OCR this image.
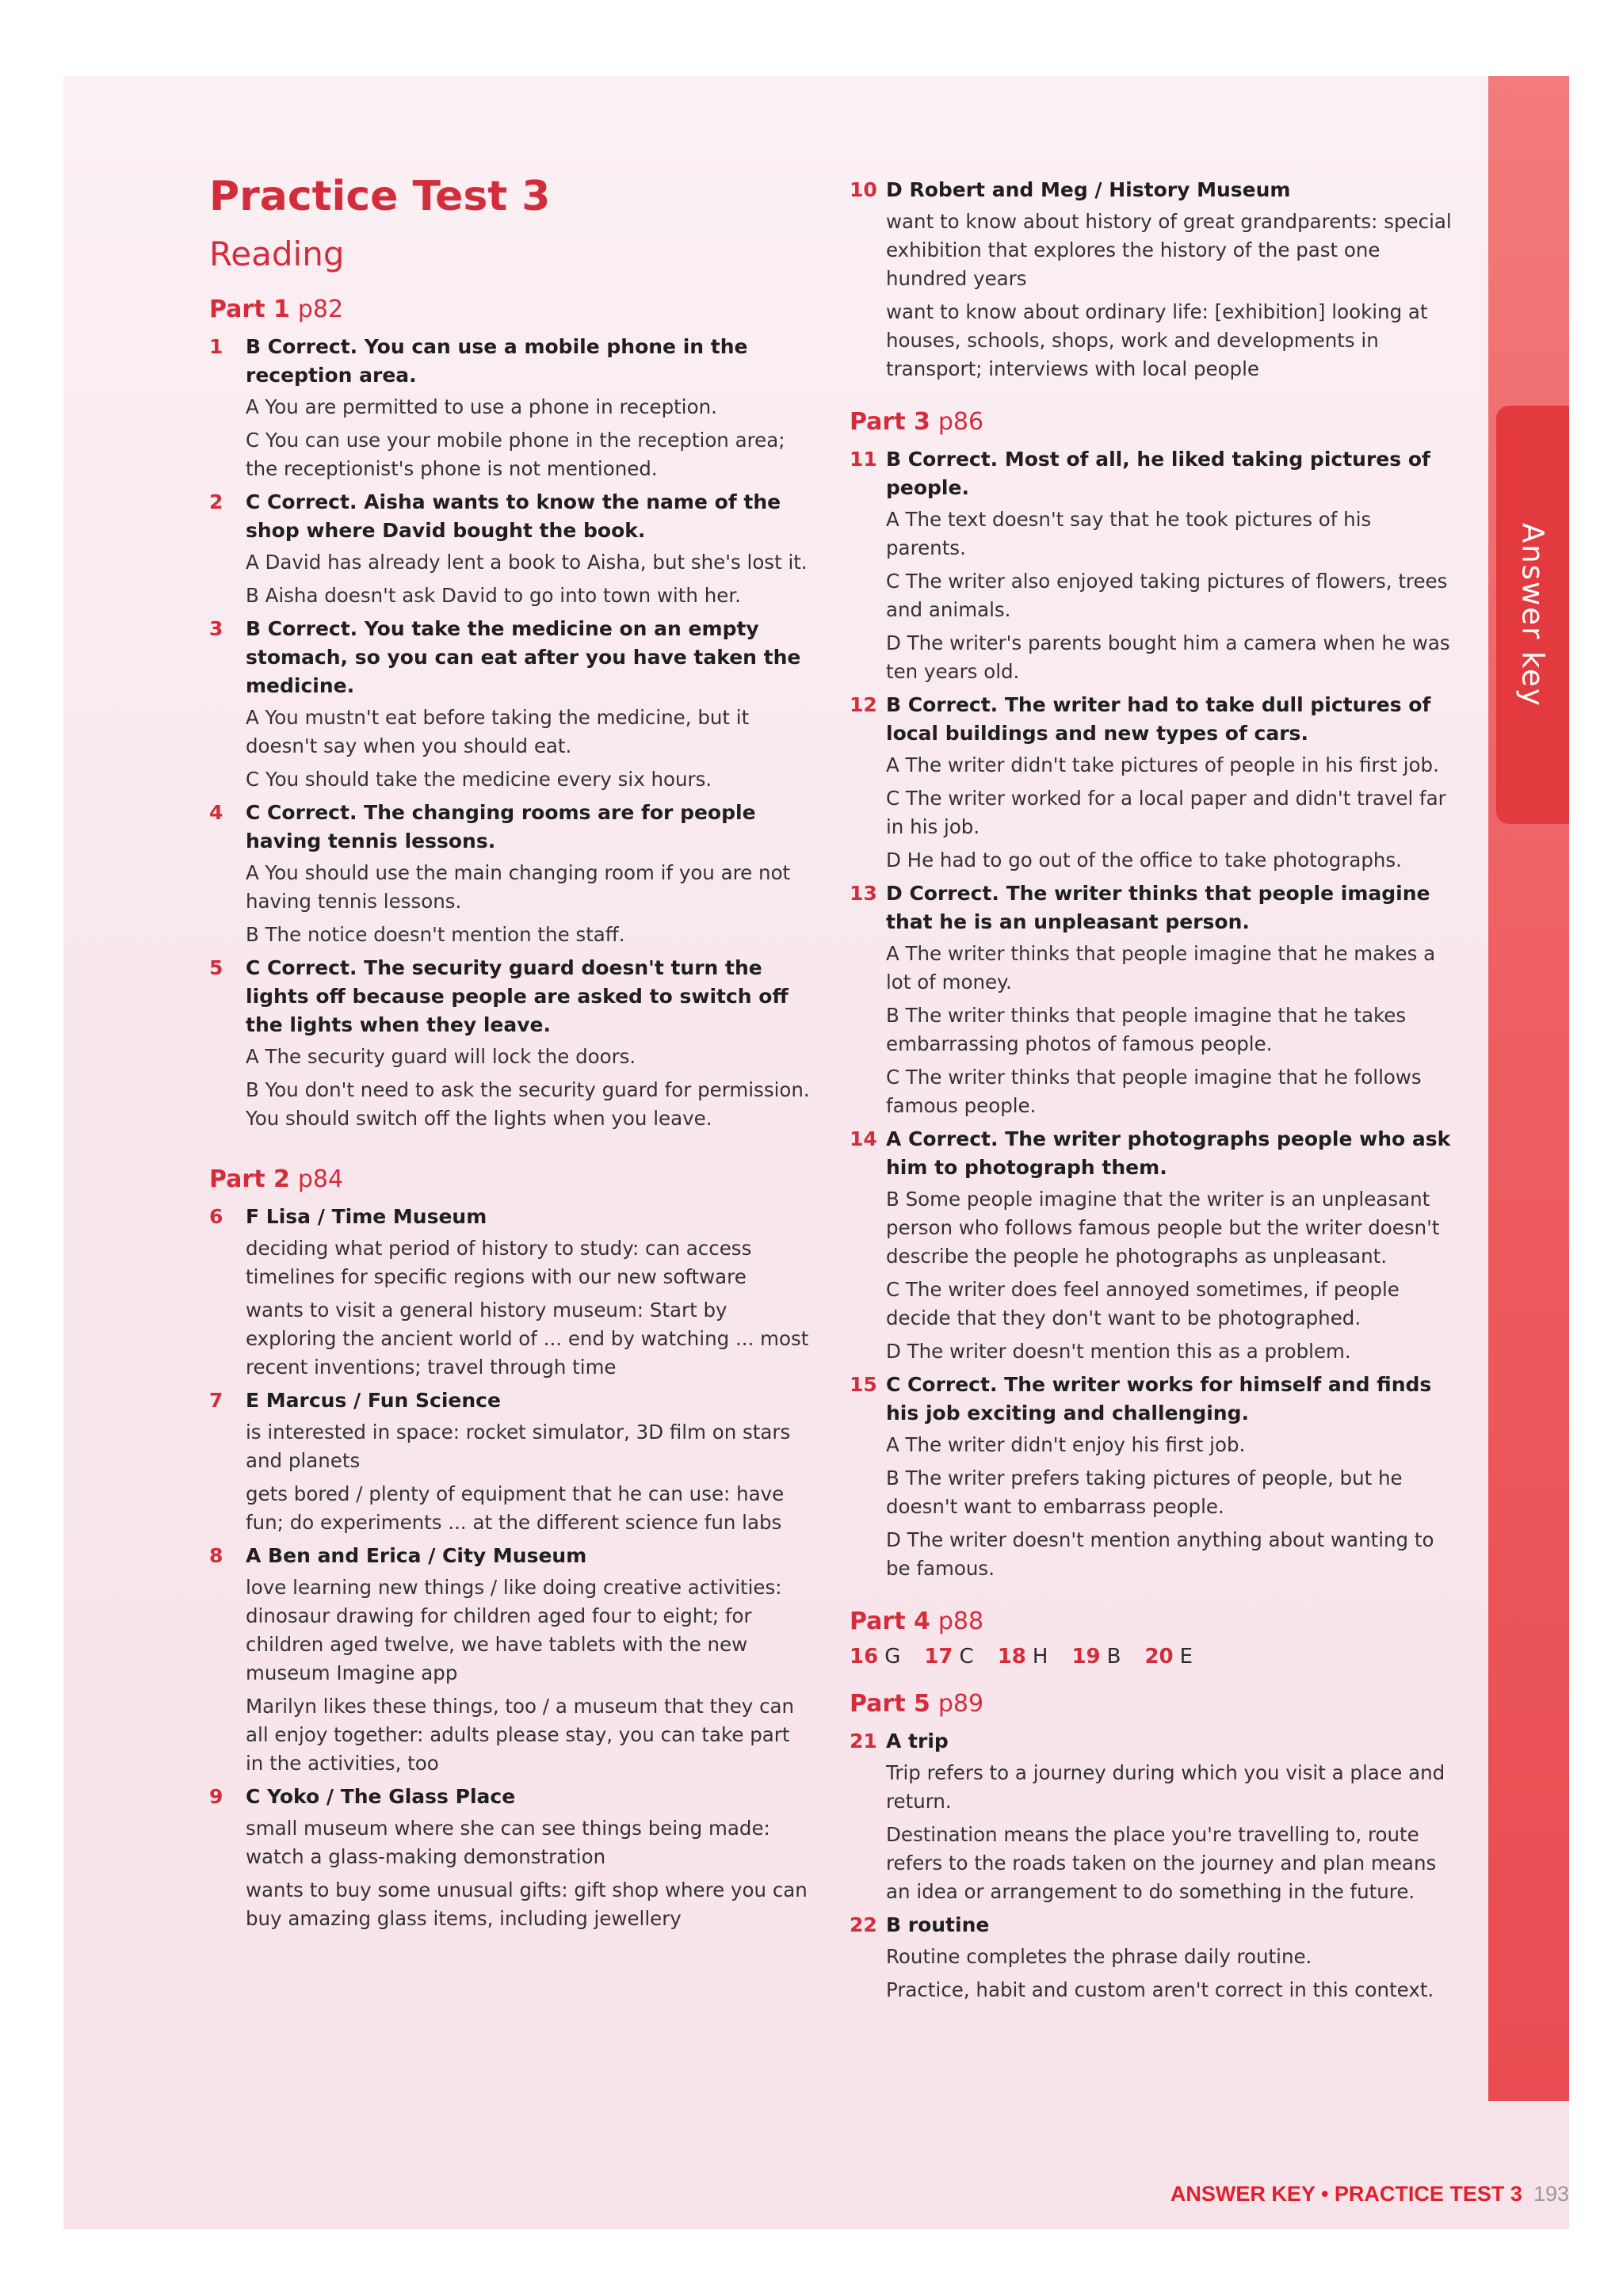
Answer key
Practice Test 3
Reading
Part 1 p82
1 B Correct. You can use a mobile phone in the reception area.
A You are permitted to use a phone in reception.
C You can use your mobile phone in the reception area; the receptionist's phone is not mentioned.
2 C Correct. Aisha wants to know the name of the shop where David bought the book.
A David has already lent a book to Aisha, but she's lost it.
B Aisha doesn't ask David to go into town with her.
3 B Correct. You take the medicine on an empty stomach, so you can eat after you have taken the medicine.
A You mustn't eat before taking the medicine, but it doesn't say when you should eat.
C You should take the medicine every six hours.
4 C Correct. The changing rooms are for people having tennis lessons.
A You should use the main changing room if you are not having tennis lessons.
B The notice doesn't mention the staff.
5 C Correct. The security guard doesn't turn the lights off because people are asked to switch off the lights when they leave.
A The security guard will lock the doors.
B You don't need to ask the security guard for permission. You should switch off the lights when you leave.
Part 2 p84
6 F Lisa / Time Museum
deciding what period of history to study: can access timelines for specific regions with our new software
wants to visit a general history museum: Start by exploring the ancient world of ... end by watching ... most recent inventions; travel through time
7 E Marcus / Fun Science
is interested in space: rocket simulator, 3D film on stars and planets
gets bored / plenty of equipment that he can use: have fun; do experiments ... at the different science fun labs
8 A Ben and Erica / City Museum
love learning new things / like doing creative activities: dinosaur drawing for children aged four to eight; for children aged twelve, we have tablets with the new museum Imagine app
Marilyn likes these things, too / a museum that they can all enjoy together: adults please stay, you can take part in the activities, too
9 C Yoko / The Glass Place
small museum where she can see things being made: watch a glass-making demonstration
wants to buy some unusual gifts: gift shop where you can buy amazing glass items, including jewellery
10 D Robert and Meg / History Museum
want to know about history of great grandparents: special exhibition that explores the history of the past one hundred years
want to know about ordinary life: [exhibition] looking at houses, schools, shops, work and developments in transport; interviews with local people
Part 3 p86
11 B Correct. Most of all, he liked taking pictures of people.
A The text doesn't say that he took pictures of his parents.
C The writer also enjoyed taking pictures of flowers, trees and animals.
D The writer's parents bought him a camera when he was ten years old.
12 B Correct. The writer had to take dull pictures of local buildings and new types of cars.
A The writer didn't take pictures of people in his first job.
C The writer worked for a local paper and didn't travel far in his job.
D He had to go out of the office to take photographs.
13 D Correct. The writer thinks that people imagine that he is an unpleasant person.
A The writer thinks that people imagine that he makes a lot of money.
B The writer thinks that people imagine that he takes embarrassing photos of famous people.
C The writer thinks that people imagine that he follows famous people.
14 A Correct. The writer photographs people who ask him to photograph them.
B Some people imagine that the writer is an unpleasant person who follows famous people but the writer doesn't describe the people he photographs as unpleasant.
C The writer does feel annoyed sometimes, if people decide that they don't want to be photographed.
D The writer doesn't mention this as a problem.
15 C Correct. The writer works for himself and finds his job exciting and challenging.
A The writer didn't enjoy his first job.
B The writer prefers taking pictures of people, but he doesn't want to embarrass people.
D The writer doesn't mention anything about wanting to be famous.
Part 4 p88
16 G 17 C 18 H 19 B 20 E
Part 5 p89
21 A trip
Trip refers to a journey during which you visit a place and return.
Destination means the place you're travelling to, route refers to the roads taken on the journey and plan means an idea or arrangement to do something in the future.
22 B routine
Routine completes the phrase daily routine.
Practice, habit and custom aren't correct in this context.
ANSWER KEY • PRACTICE TEST 3 193
